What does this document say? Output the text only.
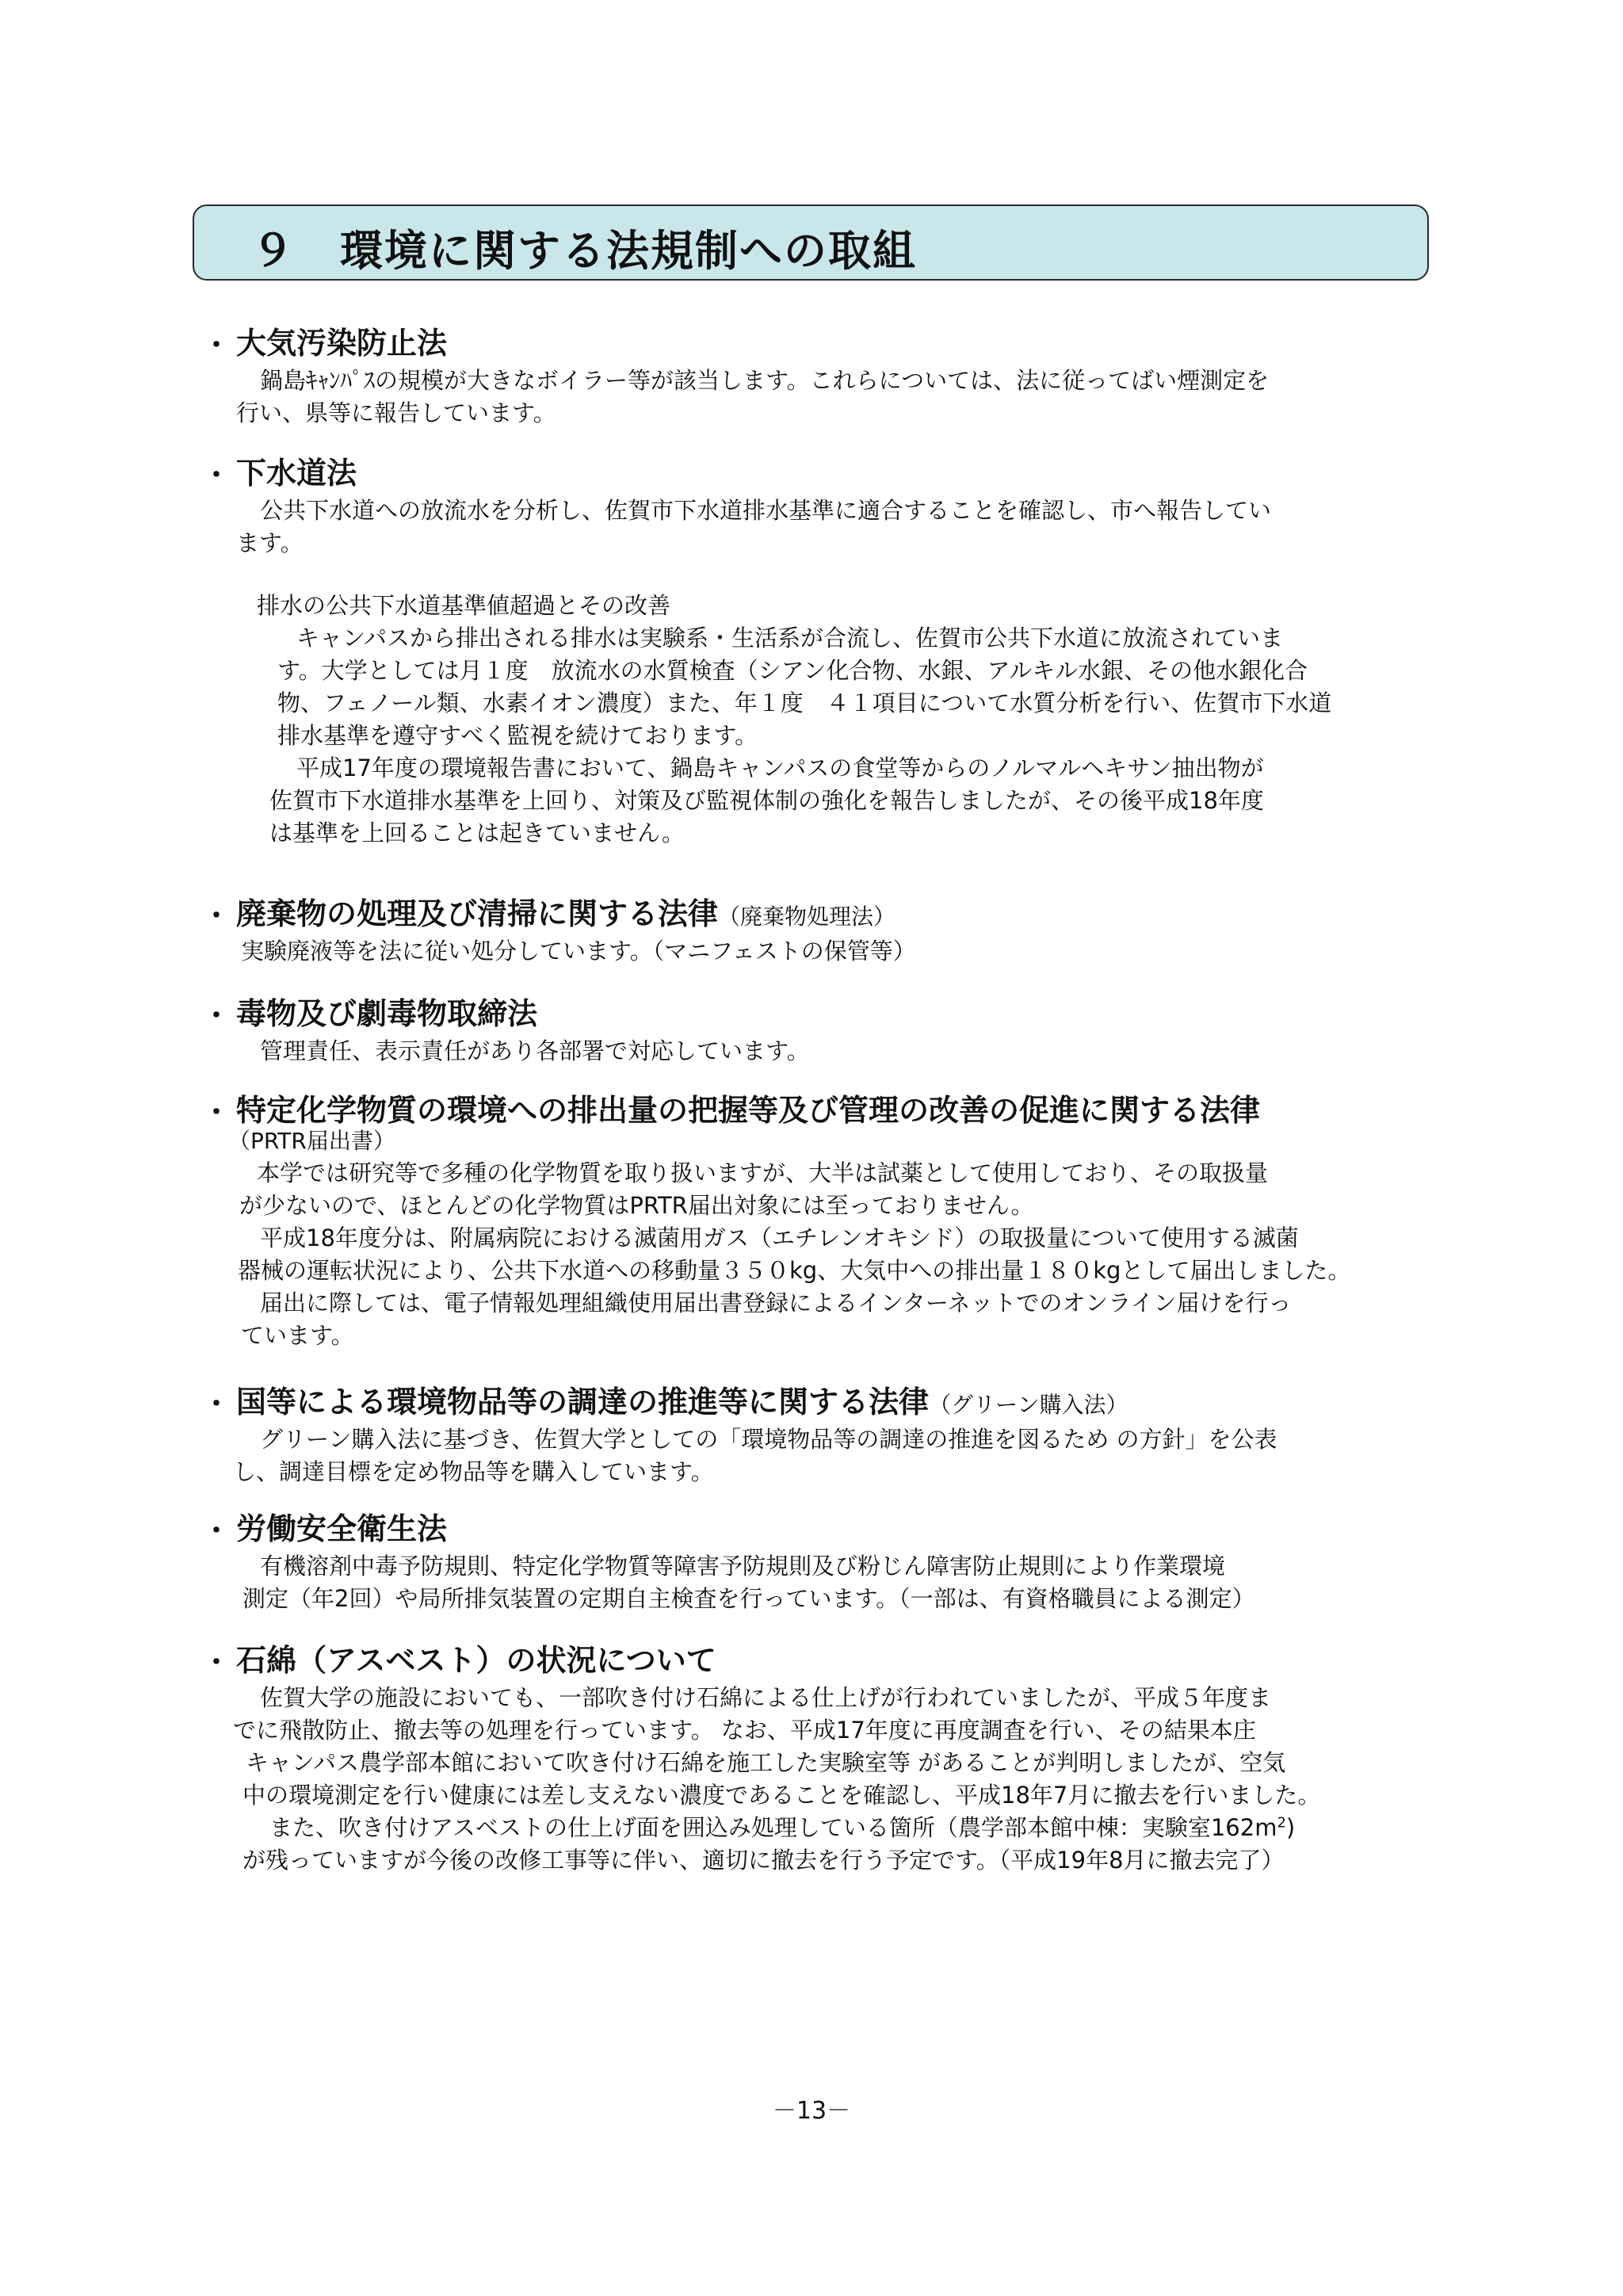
９　環境に関する法規制への取組
・ 大気汚染防止法
鍋島ｷｬﾝﾊﾟｽの規模が大きなボイラー等が該当します。これらについては、法に従ってばい煙測定を
行い、県等に報告しています。
・ 下水道法
公共下水道への放流水を分析し、佐賀市下水道排水基準に適合することを確認し、市へ報告してい
ます。
排水の公共下水道基準値超過とその改善
キャンパスから排出される排水は実験系・生活系が合流し、佐賀市公共下水道に放流されていま
す。大学としては月１度　放流水の水質検査（シアン化合物、水銀、アルキル水銀、その他水銀化合
物、フェノール類、水素イオン濃度）また、年１度　４１項目について水質分析を行い、佐賀市下水道
排水基準を遵守すべく監視を続けております。
平成17年度の環境報告書において、鍋島キャンパスの食堂等からのノルマルヘキサン抽出物が
佐賀市下水道排水基準を上回り、対策及び監視体制の強化を報告しましたが、その後平成18年度
は基準を上回ることは起きていません。
・ 廃棄物の処理及び清掃に関する法律（廃棄物処理法）
実験廃液等を法に従い処分しています。（マニフェストの保管等）
・ 毒物及び劇毒物取締法
管理責任、表示責任があり各部署で対応しています。
・ 特定化学物質の環境への排出量の把握等及び管理の改善の促進に関する法律
（PRTR届出書）
本学では研究等で多種の化学物質を取り扱いますが、大半は試薬として使用しており、その取扱量
が少ないので、ほとんどの化学物質はPRTR届出対象には至っておりません。
平成18年度分は、附属病院における滅菌用ガス（エチレンオキシド）の取扱量について使用する滅菌
器械の運転状況により、公共下水道への移動量３５０kg、大気中への排出量１８０kgとして届出しました。
届出に際しては、電子情報処理組織使用届出書登録によるインターネットでのオンライン届けを行っ
ています。
・ 国等による環境物品等の調達の推進等に関する法律（グリーン購入法）
グリーン購入法に基づき、佐賀大学としての「環境物品等の調達の推進を図るため の方針」を公表
し、調達目標を定め物品等を購入しています。
・ 労働安全衛生法
有機溶剤中毒予防規則、特定化学物質等障害予防規則及び粉じん障害防止規則により作業環境
測定（年2回）や局所排気装置の定期自主検査を行っています。（一部は、有資格職員による測定）
・ 石綿（アスベスト）の状況について
佐賀大学の施設においても、一部吹き付け石綿による仕上げが行われていましたが、平成５年度ま
でに飛散防止、撤去等の処理を行っています。 なお、平成17年度に再度調査を行い、その結果本庄
キャンパス農学部本館において吹き付け石綿を施工した実験室等 があることが判明しましたが、空気
中の環境測定を行い健康には差し支えない濃度であることを確認し、平成18年7月に撤去を行いました。
また、吹き付けアスベストの仕上げ面を囲込み処理している箇所（農学部本館中棟：実験室$162m^2$)
が残っていますが今後の改修工事等に伴い、適切に撤去を行う予定です。（平成19年8月に撤去完了）
－13－
